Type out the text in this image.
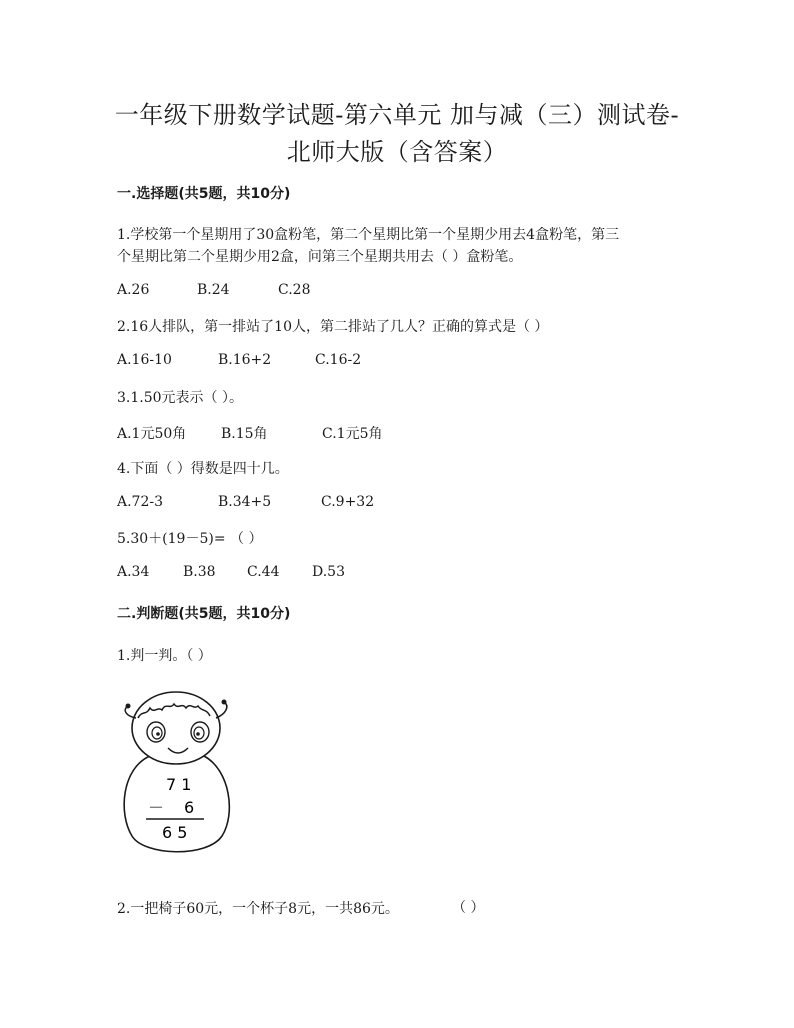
一年级下册数学试题-第六单元 加与减（三）测试卷-
北师大版（含答案）
一.选择题(共5题，共10分)
1.学校第一个星期用了30盒粉笔，第二个星期比第一个星期少用去4盒粉笔，第三
个星期比第二个星期少用2盒，问第三个星期共用去（ ）盒粉笔。
A.26	B.24	C.28
2.16人排队，第一排站了10人，第二排站了几人？正确的算式是（ ）
A.16-10	B.16+2	C.16-2
3.1.50元表示（ ）。
A.1元50角 B.15角	C.1元5角
4.下面（ ）得数是四十几。
A.72-3	B.34+5	C.9+32
5.30＋(19－5)= （ ）
A.34 B.38 C.44 D.53
二.判断题(共5题，共10分)
1.判一判。（ ）
7 1
－ 6
6 5
2.一把椅子60元，一个杯子8元，一共86元。	（ ）
